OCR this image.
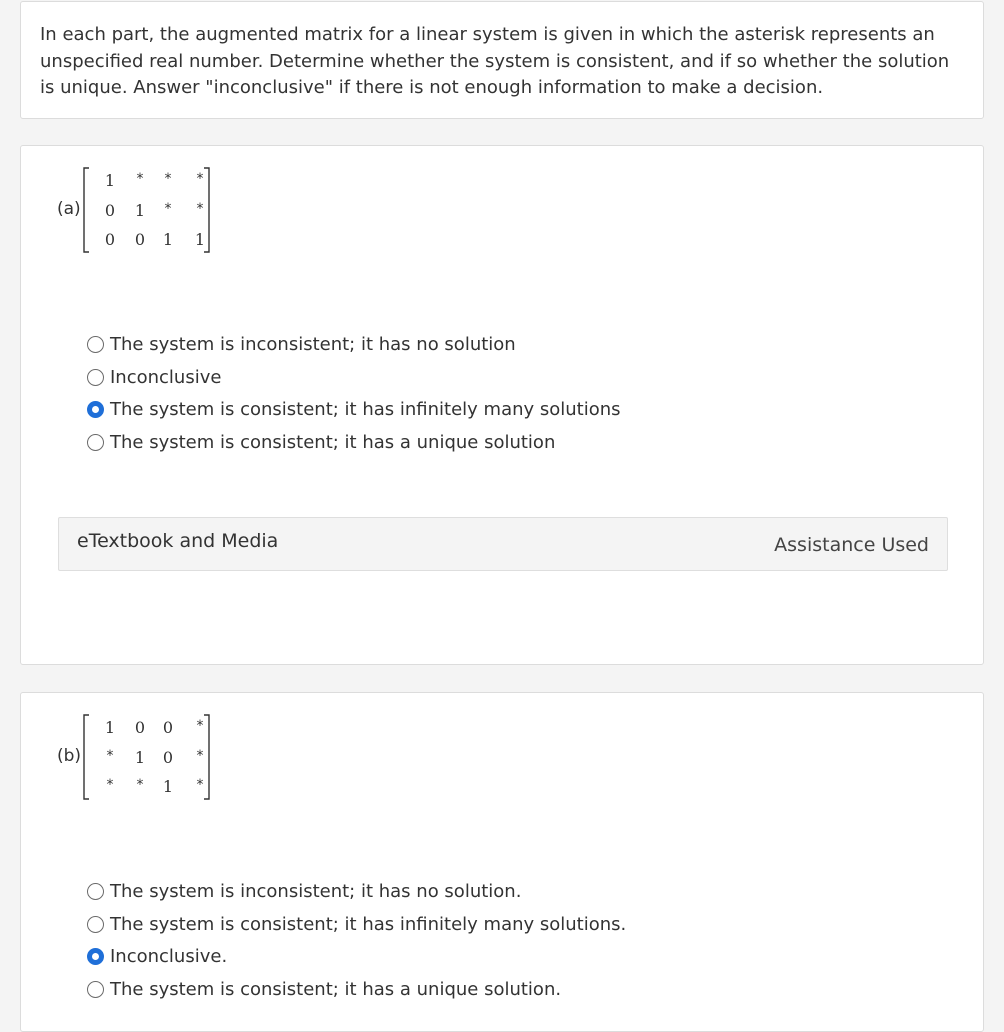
In each part, the augmented matrix for a linear system is given in which the asterisk represents an unspecified real number. Determine whether the system is consistent, and if so whether the solution is unique. Answer "inconclusive" if there is not enough information to make a decision.

(a)
1	*	*	*
0	1	*	*
0	0	1	1
The system is inconsistent; it has no solution
Inconclusive
The system is consistent; it has infinitely many solutions
The system is consistent; it has a unique solution
eTextbook and Media	Assistance Used
(b)
1	0	0	*
*	1	0	*
*	*	1	*
The system is inconsistent; it has no solution.
The system is consistent; it has infinitely many solutions.
Inconclusive.
The system is consistent; it has a unique solution.
